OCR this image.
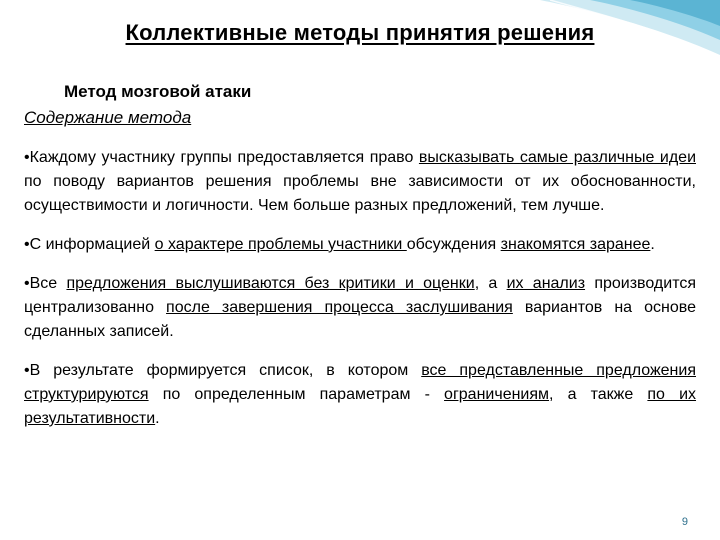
Коллективные методы принятия решения
Метод мозговой атаки
Содержание метода
•Каждому участнику группы предоставляется право высказывать самые различные идеи по поводу вариантов решения проблемы вне зависимости от их обоснованности, осуществимости и логичности. Чем больше разных предложений, тем лучше.
•С информацией о характере проблемы участники обсуждения знакомятся заранее.
•Все предложения выслушиваются без критики и оценки, а их анализ производится централизованно после завершения процесса заслушивания вариантов на основе сделанных записей.
•В результате формируется список, в котором все представленные предложения структурируются по определенным параметрам - ограничениям, а также по их результативности.
9
